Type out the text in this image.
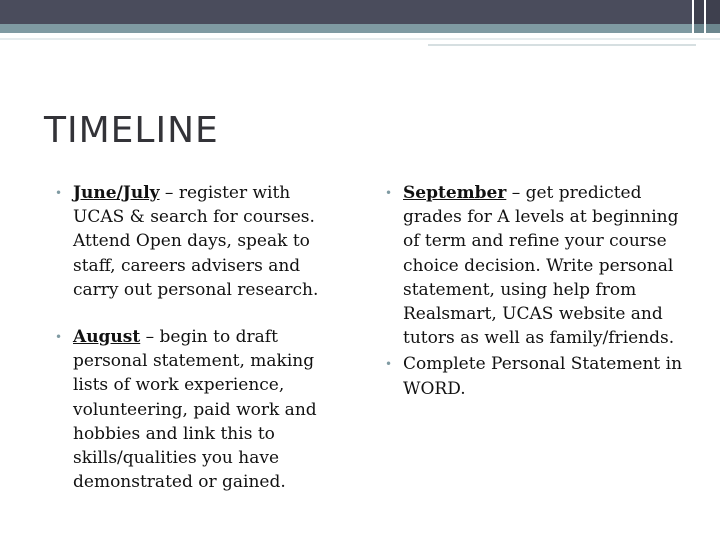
TIMELINE
• June/July – register with UCAS & search for courses. Attend Open days, speak to staff, careers advisers and carry out personal research.
• August – begin to draft personal statement, making lists of work experience, volunteering, paid work and hobbies and link this to skills/qualities you have demonstrated or gained.
• September – get predicted grades for A levels at beginning of term and refine your course choice decision. Write personal statement, using help from Realsmart, UCAS website and tutors as well as family/friends.
• Complete Personal Statement in WORD.
